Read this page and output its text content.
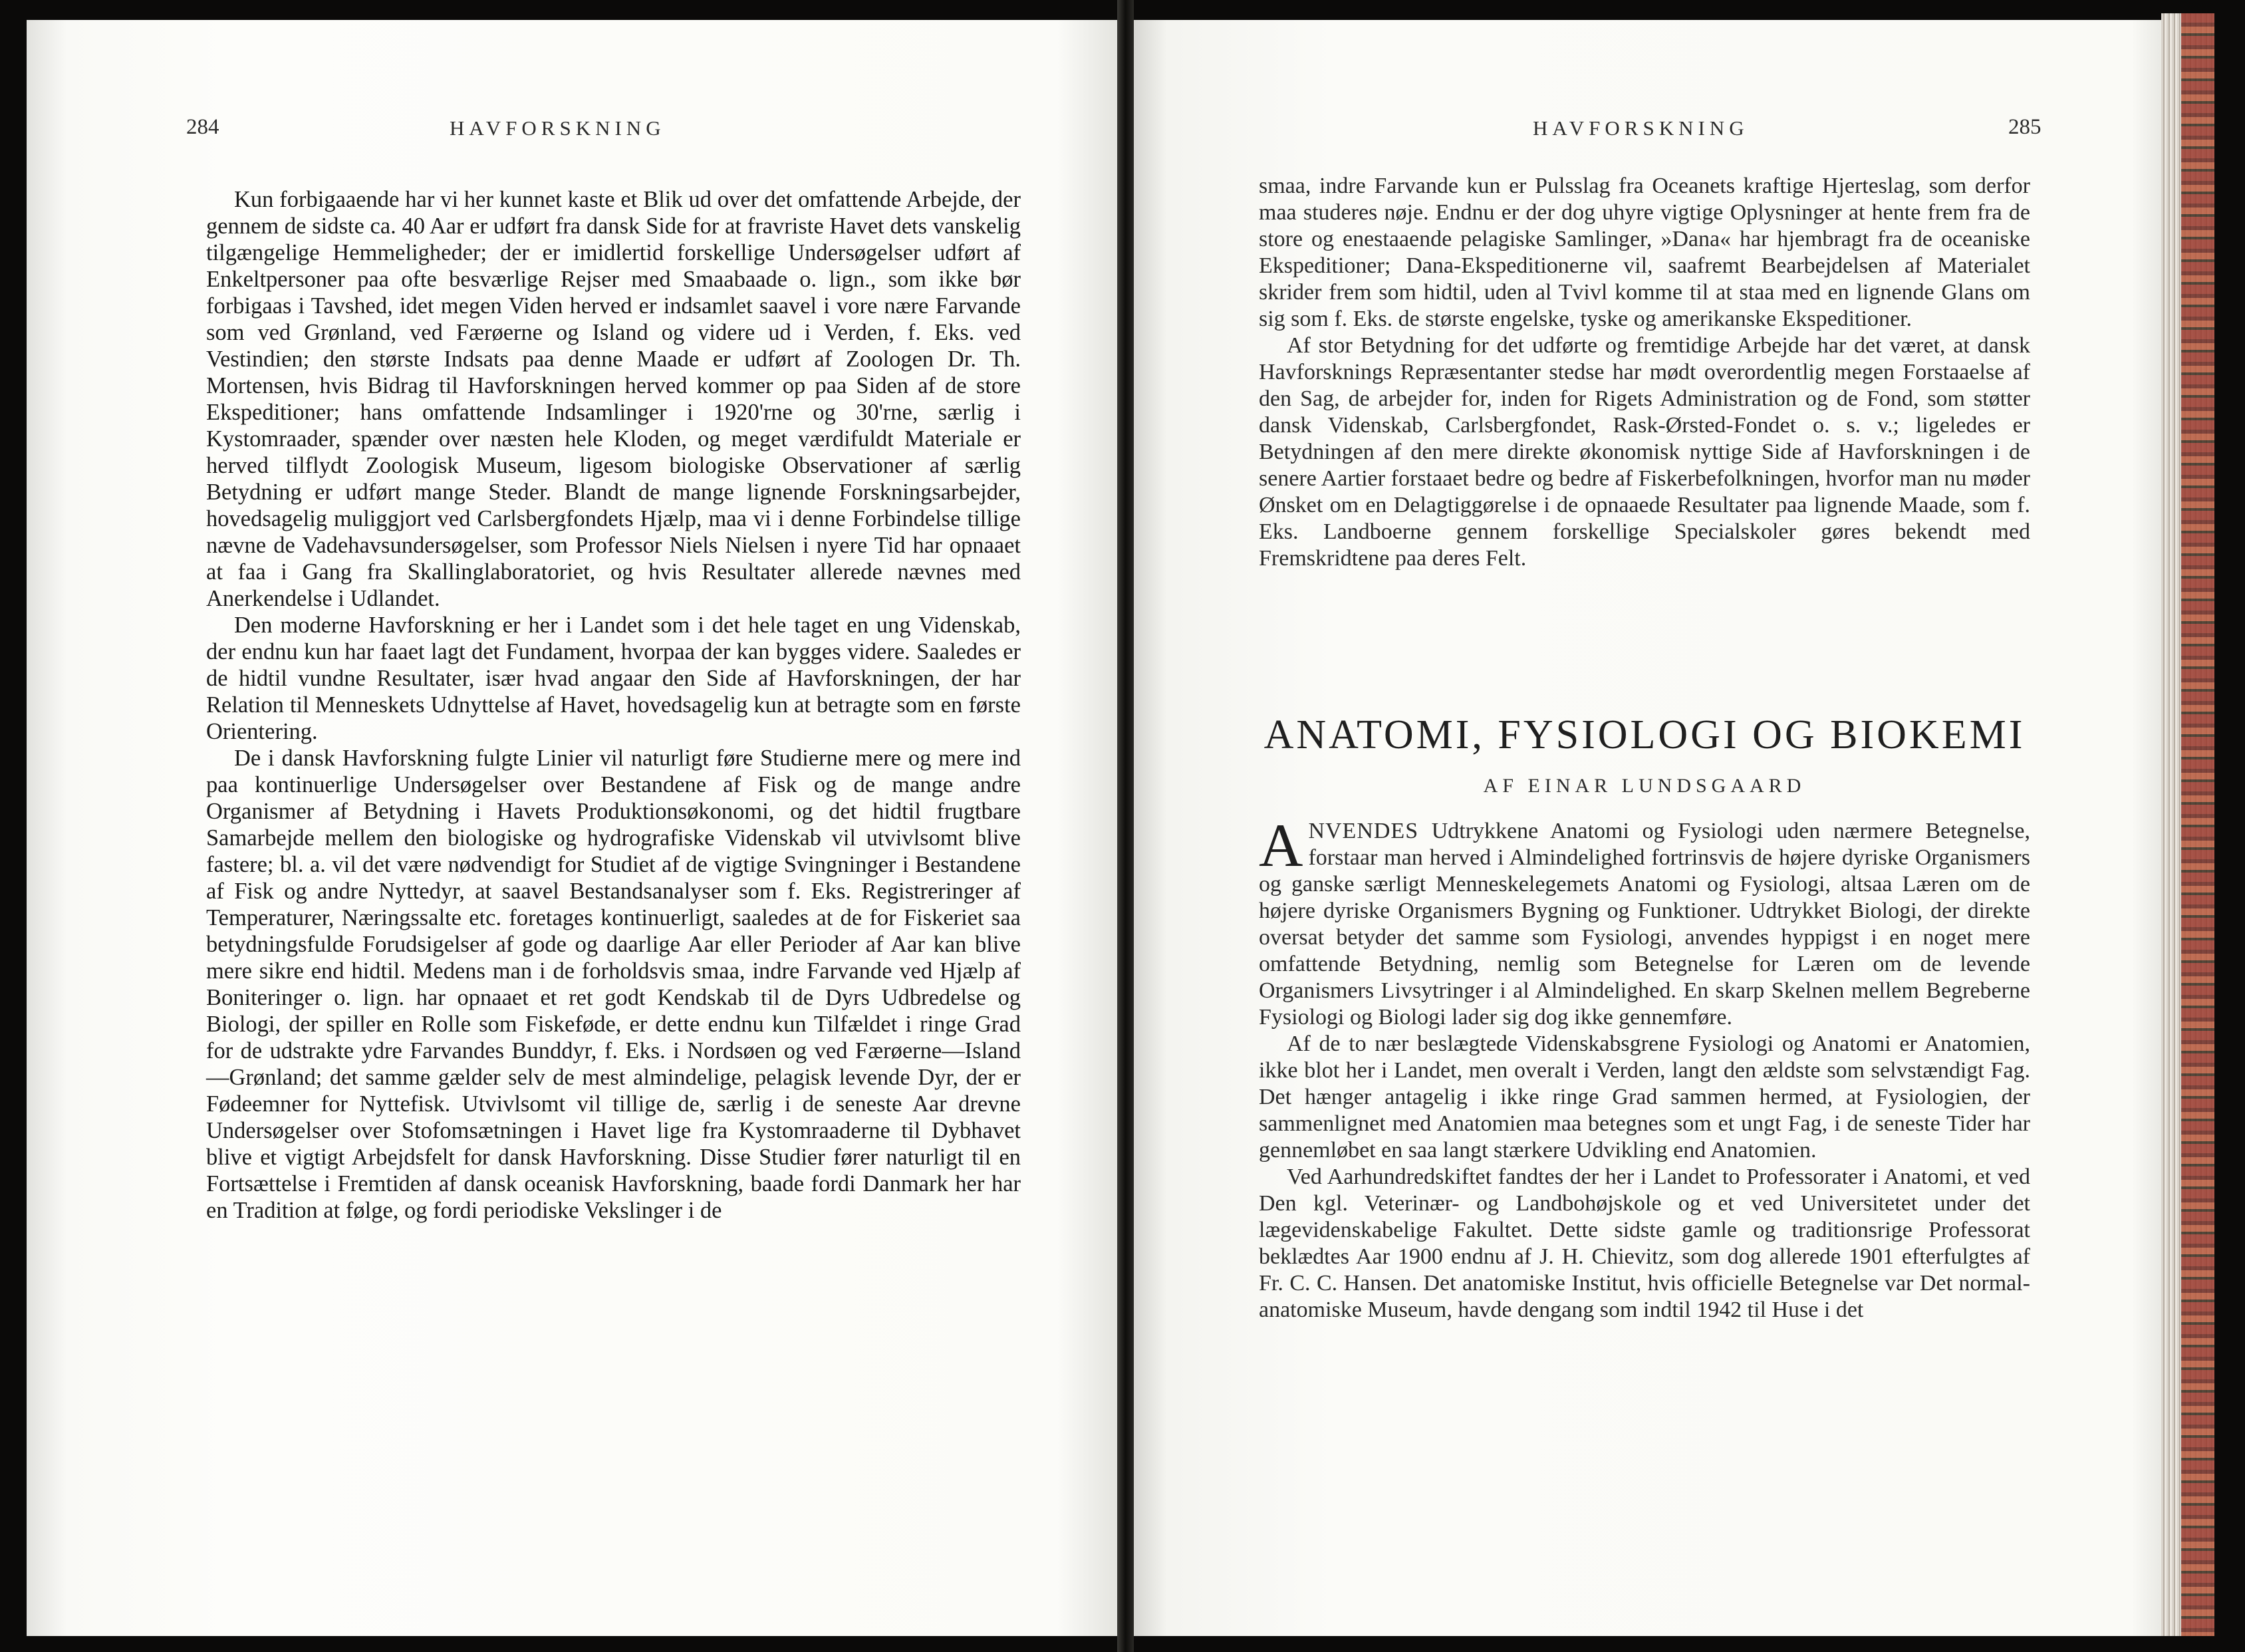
284	HAVFORSKNING

Kun forbigaaende har vi her kunnet kaste et Blik ud over det omfattende Arbejde, der gennem de sidste ca. 40 Aar er udført fra dansk Side for at fravriste Havet dets vanskelig tilgængelige Hemmeligheder; der er imidlertid forskellige Undersøgelser udført af Enkeltpersoner paa ofte besværlige Rejser med Smaabaade o. lign., som ikke bør forbigaas i Tavshed, idet megen Viden herved er indsamlet saavel i vore nære Farvande som ved Grønland, ved Færøerne og Island og videre ud i Verden, f. Eks. ved Vestindien; den største Indsats paa denne Maade er udført af Zoologen Dr. Th. Mortensen, hvis Bidrag til Havforskningen herved kommer op paa Siden af de store Ekspeditioner; hans omfattende Indsamlinger i 1920'rne og 30'rne, særlig i Kystomraader, spænder over næsten hele Kloden, og meget værdifuldt Materiale er herved tilflydt Zoologisk Museum, ligesom biologiske Observationer af særlig Betydning er udført mange Steder. Blandt de mange lignende Forskningsarbejder, hovedsagelig muliggjort ved Carlsbergfondets Hjælp, maa vi i denne Forbindelse tillige nævne de Vadehavsundersøgelser, som Professor Niels Nielsen i nyere Tid har opnaaet at faa i Gang fra Skallinglaboratoriet, og hvis Resultater allerede nævnes med Anerkendelse i Udlandet.

Den moderne Havforskning er her i Landet som i det hele taget en ung Videnskab, der endnu kun har faaet lagt det Fundament, hvorpaa der kan bygges videre. Saaledes er de hidtil vundne Resultater, især hvad angaar den Side af Havforskningen, der har Relation til Menneskets Udnyttelse af Havet, hovedsagelig kun at betragte som en første Orientering.

De i dansk Havforskning fulgte Linier vil naturligt føre Studierne mere og mere ind paa kontinuerlige Undersøgelser over Bestandene af Fisk og de mange andre Organismer af Betydning i Havets Produktionsøkonomi, og det hidtil frugtbare Samarbejde mellem den biologiske og hydrografiske Videnskab vil utvivlsomt blive fastere; bl. a. vil det være nødvendigt for Studiet af de vigtige Svingninger i Bestandene af Fisk og andre Nyttedyr, at saavel Bestandsanalyser som f. Eks. Registreringer af Temperaturer, Næringssalte etc. foretages kontinuerligt, saaledes at de for Fiskeriet saa betydningsfulde Forudsigelser af gode og daarlige Aar eller Perioder af Aar kan blive mere sikre end hidtil. Medens man i de forholdsvis smaa, indre Farvande ved Hjælp af Boniteringer o. lign. har opnaaet et ret godt Kendskab til de Dyrs Udbredelse og Biologi, der spiller en Rolle som Fiskeføde, er dette endnu kun Tilfældet i ringe Grad for de udstrakte ydre Farvandes Bunddyr, f. Eks. i Nordsøen og ved Færøerne—Island—Grønland; det samme gælder selv de mest almindelige, pelagisk levende Dyr, der er Fødeemner for Nyttefisk. Utvivlsomt vil tillige de, særlig i de seneste Aar drevne Undersøgelser over Stofomsætningen i Havet lige fra Kystomraaderne til Dybhavet blive et vigtigt Arbejdsfelt for dansk Havforskning. Disse Studier fører naturligt til en Fortsættelse i Fremtiden af dansk oceanisk Havforskning, baade fordi Danmark her har en Tradition at følge, og fordi periodiske Vekslinger i de

HAVFORSKNING	285

smaa, indre Farvande kun er Pulsslag fra Oceanets kraftige Hjerteslag, som derfor maa studeres nøje. Endnu er der dog uhyre vigtige Oplysninger at hente frem fra de store og enestaaende pelagiske Samlinger, »Dana« har hjembragt fra de oceaniske Ekspeditioner; Dana-Ekspeditionerne vil, saafremt Bearbejdelsen af Materialet skrider frem som hidtil, uden al Tvivl komme til at staa med en lignende Glans om sig som f. Eks. de største engelske, tyske og amerikanske Ekspeditioner.

Af stor Betydning for det udførte og fremtidige Arbejde har det været, at dansk Havforsknings Repræsentanter stedse har mødt overordentlig megen Forstaaelse af den Sag, de arbejder for, inden for Rigets Administration og de Fond, som støtter dansk Videnskab, Carlsbergfondet, Rask-Ørsted-Fondet o. s. v.; ligeledes er Betydningen af den mere direkte økonomisk nyttige Side af Havforskningen i de senere Aartier forstaaet bedre og bedre af Fiskerbefolkningen, hvorfor man nu møder Ønsket om en Delagtiggørelse i de opnaaede Resultater paa lignende Maade, som f. Eks. Landboerne gennem forskellige Specialskoler gøres bekendt med Fremskridtene paa deres Felt.

ANATOMI, FYSIOLOGI OG BIOKEMI
AF EINAR LUNDSGAARD

ANVENDES Udtrykkene Anatomi og Fysiologi uden nærmere Betegnelse, forstaar man herved i Almindelighed fortrinsvis de højere dyriske Organismers og ganske særligt Menneskelegemets Anatomi og Fysiologi, altsaa Læren om de højere dyriske Organismers Bygning og Funktioner. Udtrykket Biologi, der direkte oversat betyder det samme som Fysiologi, anvendes hyppigst i en noget mere omfattende Betydning, nemlig som Betegnelse for Læren om de levende Organismers Livsytringer i al Almindelighed. En skarp Skelnen mellem Begreberne Fysiologi og Biologi lader sig dog ikke gennemføre.

Af de to nær beslægtede Videnskabsgrene Fysiologi og Anatomi er Anatomien, ikke blot her i Landet, men overalt i Verden, langt den ældste som selvstændigt Fag. Det hænger antagelig i ikke ringe Grad sammen hermed, at Fysiologien, der sammenlignet med Anatomien maa betegnes som et ungt Fag, i de seneste Tider har gennemløbet en saa langt stærkere Udvikling end Anatomien.

Ved Aarhundredskiftet fandtes der her i Landet to Professorater i Anatomi, et ved Den kgl. Veterinær- og Landbohøjskole og et ved Universitetet under det lægevidenskabelige Fakultet. Dette sidste gamle og traditionsrige Professorat beklædtes Aar 1900 endnu af J. H. Chievitz, som dog allerede 1901 efterfulgtes af Fr. C. C. Hansen. Det anatomiske Institut, hvis officielle Betegnelse var Det normal-anatomiske Museum, havde dengang som indtil 1942 til Huse i det
